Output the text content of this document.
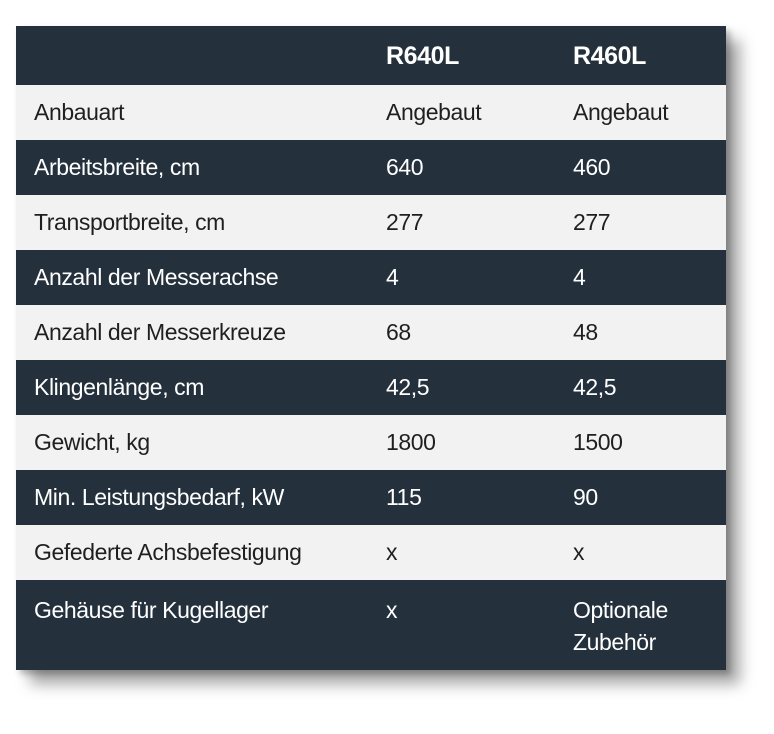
	R640L	R460L
Anbauart	Angebaut	Angebaut
Arbeitsbreite, cm	640	460
Transportbreite, cm	277	277
Anzahl der Messerachse	4	4
Anzahl der Messerkreuze	68	48
Klingenlänge, cm	42,5	42,5
Gewicht, kg	1800	1500
Min. Leistungsbedarf, kW	115	90
Gefederte Achsbefestigung	x	x
Gehäuse für Kugellager	x	Optionale
Zubehör
